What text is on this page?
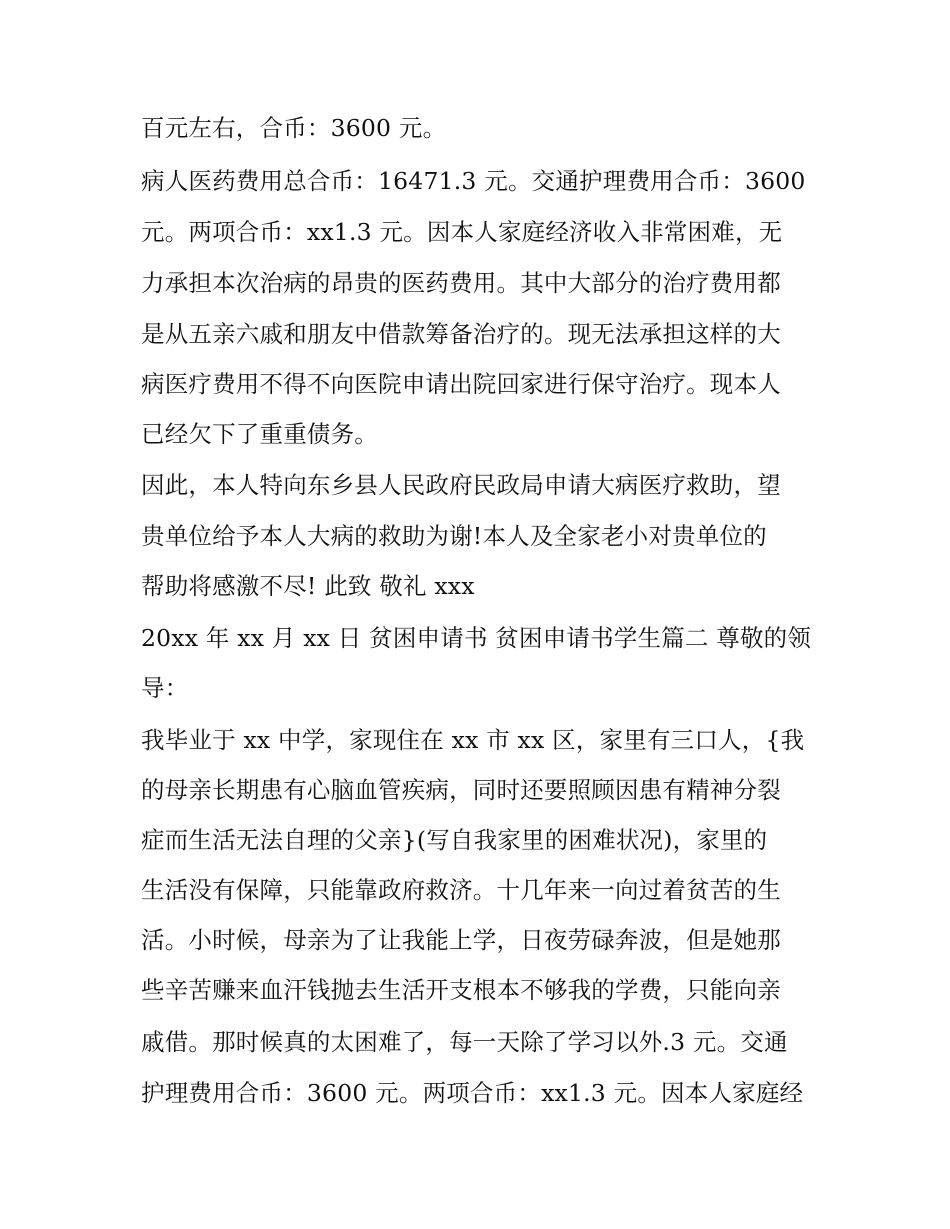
百元左右，合币：3600 元。
病人医药费用总合币：16471.3 元。交通护理费用合币：3600
元。两项合币：xx1.3 元。因本人家庭经济收入非常困难，无
力承担本次治病的昂贵的医药费用。其中大部分的治疗费用都
是从五亲六戚和朋友中借款筹备治疗的。现无法承担这样的大
病医疗费用不得不向医院申请出院回家进行保守治疗。现本人
已经欠下了重重债务。
因此，本人特向东乡县人民政府民政局申请大病医疗救助，望
贵单位给予本人大病的救助为谢!本人及全家老小对贵单位的
帮助将感激不尽! 此致 敬礼 xxx
20xx 年 xx 月 xx 日 贫困申请书 贫困申请书学生篇二 尊敬的领
导：
我毕业于 xx 中学，家现住在 xx 市 xx 区，家里有三口人，{我
的母亲长期患有心脑血管疾病，同时还要照顾因患有精神分裂
症而生活无法自理的父亲}(写自我家里的困难状况)，家里的
生活没有保障，只能靠政府救济。十几年来一向过着贫苦的生
活。小时候，母亲为了让我能上学，日夜劳碌奔波，但是她那
些辛苦赚来血汗钱抛去生活开支根本不够我的学费，只能向亲
戚借。那时候真的太困难了，每一天除了学习以外.3 元。交通
护理费用合币：3600 元。两项合币：xx1.3 元。因本人家庭经
